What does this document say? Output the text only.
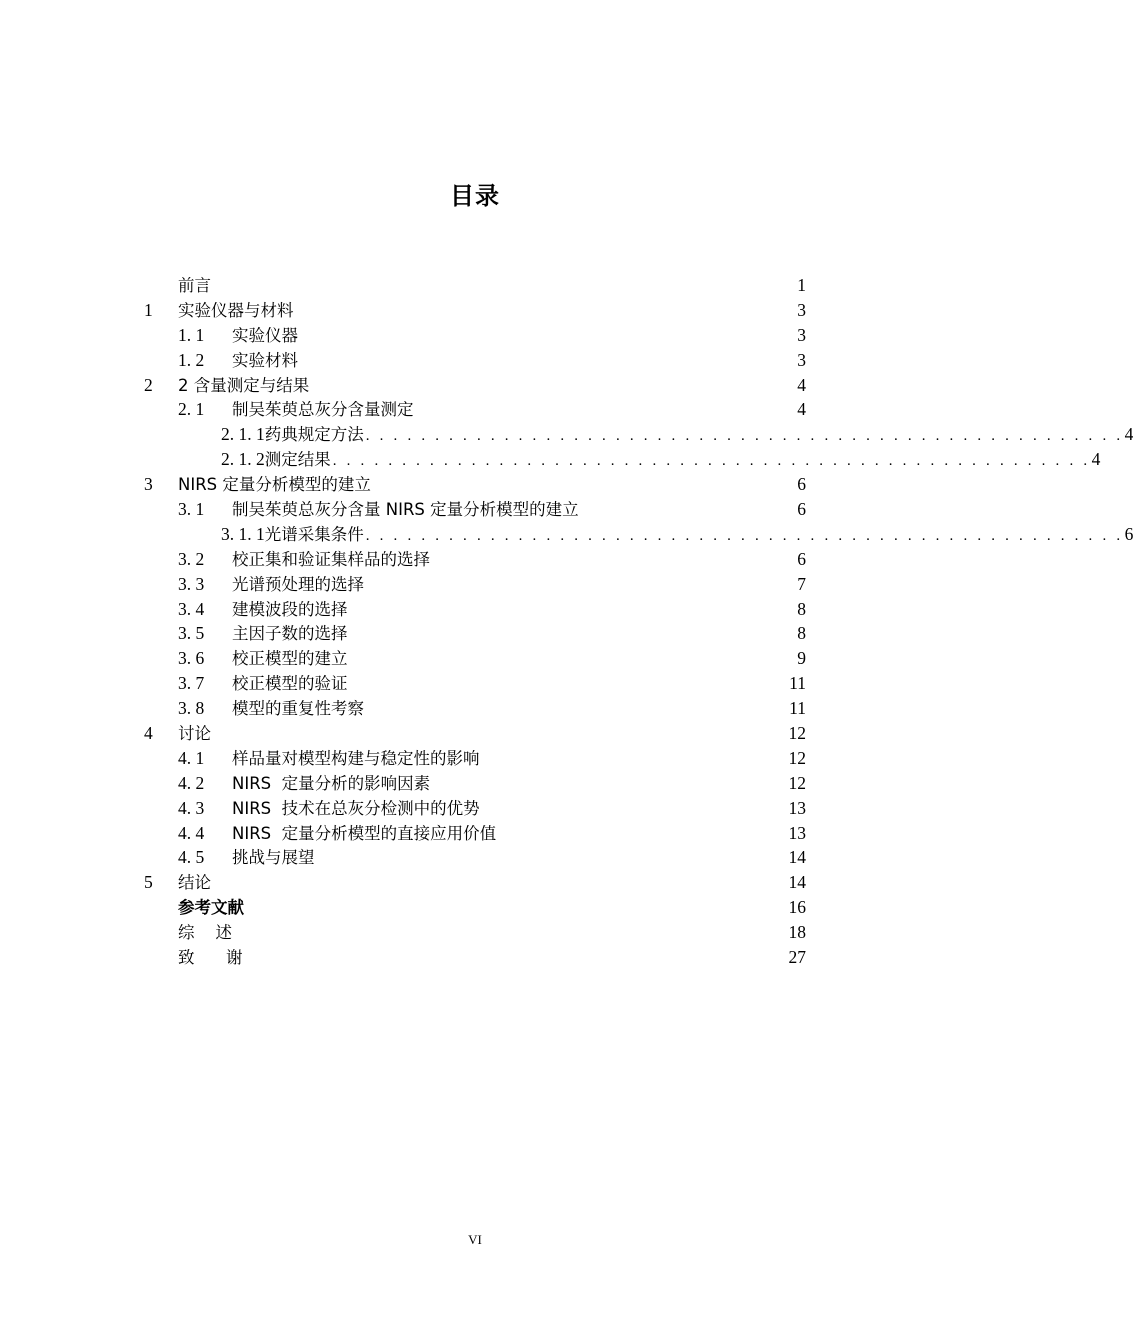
目录
前言	1
1	实验仪器与材料	3
1. 1	实验仪器	3
1. 2	实验材料	3
2	2 含量测定与结果	4
2. 1	制吴茱萸总灰分含量测定	4
2. 1. 1 药典规定方法 . . . . . . . . . . . . . . . . . . . . . . . . . . . . . . . . . . . . . . . . . . . . . . . . . . . . . . . 4
2. 1. 2 测定结果 . . . . . . . . . . . . . . . . . . . . . . . . . . . . . . . . . . . . . . . . . . . . . . . . . . . . . . . 4
3	NIRS 定量分析模型的建立	6
3. 1	制吴茱萸总灰分含量 NIRS 定量分析模型的建立	6
3. 1. 1 光谱采集条件 . . . . . . . . . . . . . . . . . . . . . . . . . . . . . . . . . . . . . . . . . . . . . . . . . . . . . . . 6
3. 2	校正集和验证集样品的选择	6
3. 3	光谱预处理的选择	7
3. 4	建模波段的选择	8
3. 5	主因子数的选择	8
3. 6	校正模型的建立	9
3. 7	校正模型的验证	11
3. 8	模型的重复性考察	11
4	讨论	12
4. 1	样品量对模型构建与稳定性的影响	12
4. 2	NIRS  定量分析的影响因素	12
4. 3	NIRS  技术在总灰分检测中的优势	13
4. 4	NIRS  定量分析模型的直接应用价值	13
4. 5	挑战与展望	14
5	结论	14
参考文献	16
综    述	18
致      谢	27
VI
